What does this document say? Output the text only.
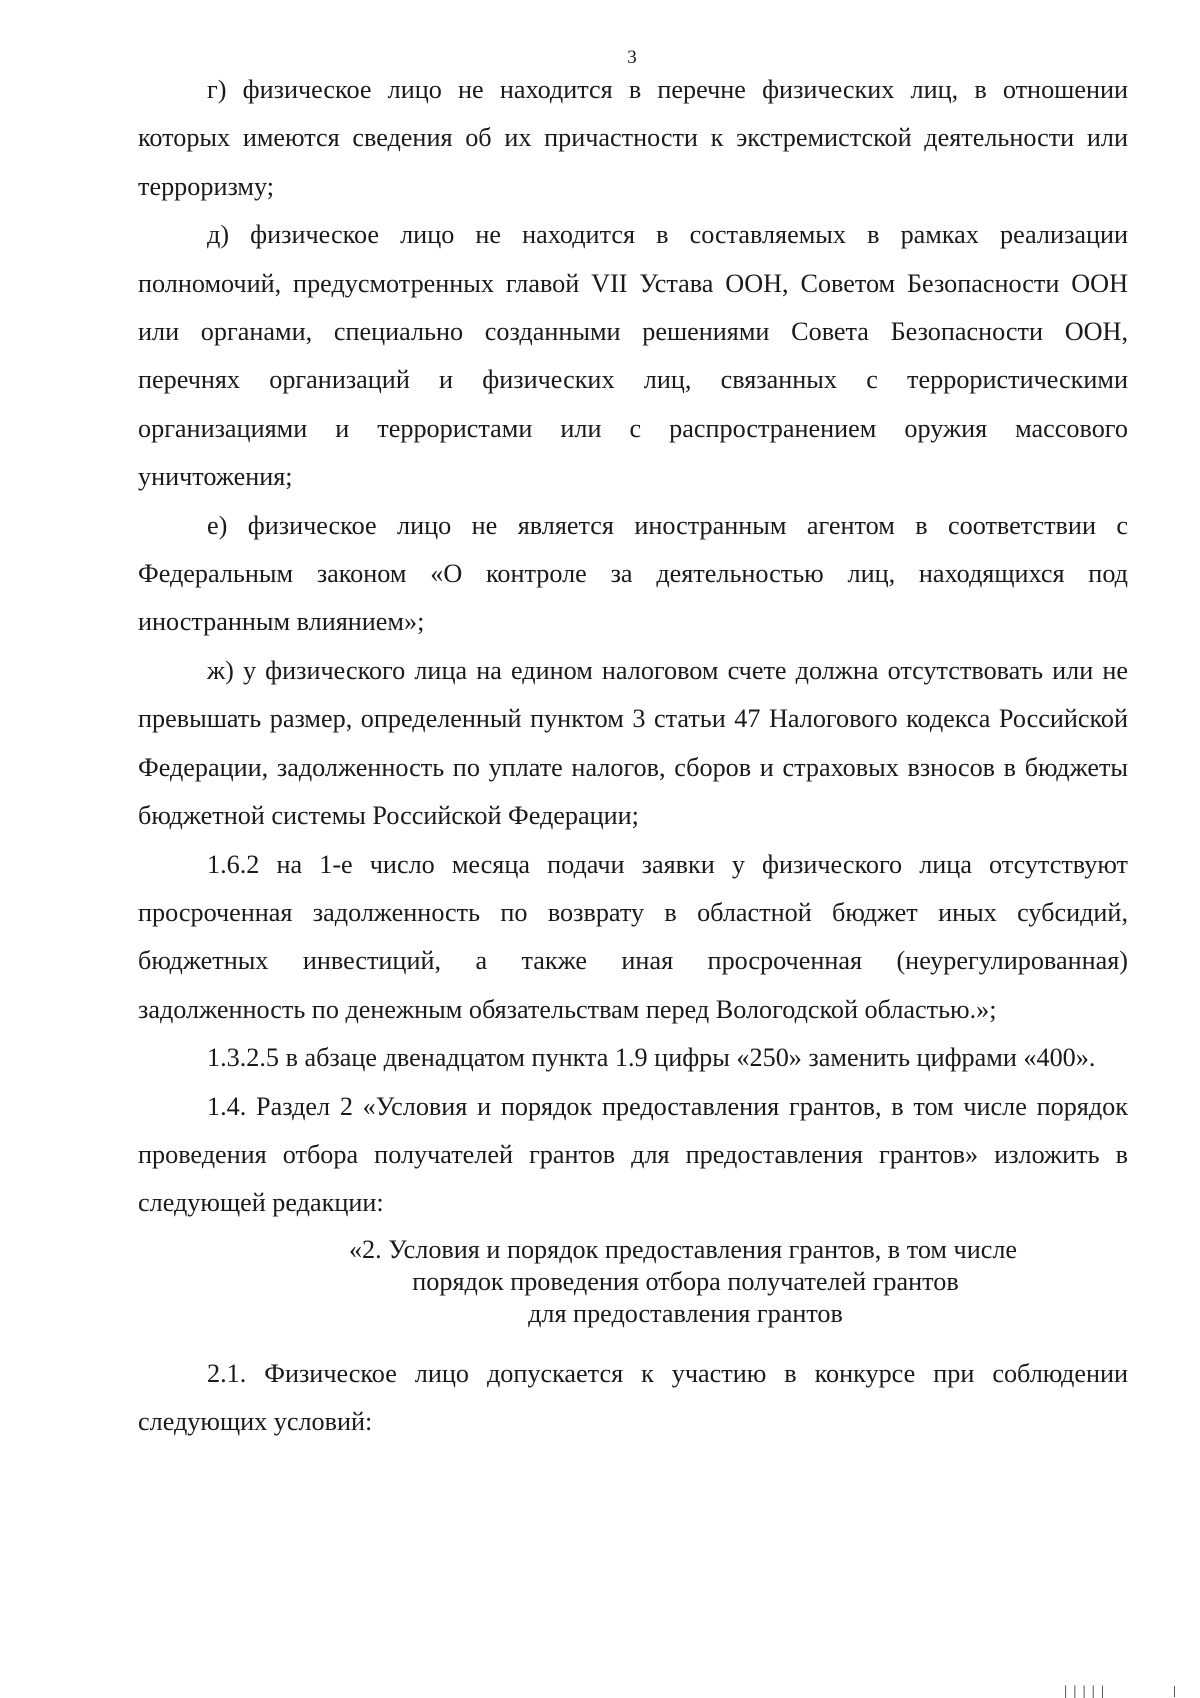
3

г) физическое лицо не находится в перечне физических лиц, в отношении которых имеются сведения об их причастности к экстремистской деятельности или терроризму;

д) физическое лицо не находится в составляемых в рамках реализации полномочий, предусмотренных главой VII Устава ООН, Советом Безопасности ООН или органами, специально созданными решениями Совета Безопасности ООН, перечнях организаций и физических лиц, связанных с террористическими организациями и террористами или с распространением оружия массового уничтожения;

е) физическое лицо не является иностранным агентом в соответствии с Федеральным законом «О контроле за деятельностью лиц, находящихся под иностранным влиянием»;

ж) у физического лица на едином налоговом счете должна отсутствовать или не превышать размер, определенный пунктом 3 статьи 47 Налогового кодекса Российской Федерации, задолженность по уплате налогов, сборов и страховых взносов в бюджеты бюджетной системы Российской Федерации;

1.6.2 на 1-е число месяца подачи заявки у физического лица отсутствуют просроченная задолженность по возврату в областной бюджет иных субсидий, бюджетных инвестиций, а также иная просроченная (неурегулированная) задолженность по денежным обязательствам перед Вологодской областью.»;

1.3.2.5 в абзаце двенадцатом пункта 1.9 цифры «250» заменить цифрами «400».

1.4. Раздел 2 «Условия и порядок предоставления грантов, в том числе порядок проведения отбора получателей грантов для предоставления грантов» изложить в следующей редакции:

«2. Условия и порядок предоставления грантов, в том числе
порядок проведения отбора получателей грантов
для предоставления грантов

2.1. Физическое лицо допускается к участию в конкурсе при соблюдении следующих условий:

|||||
